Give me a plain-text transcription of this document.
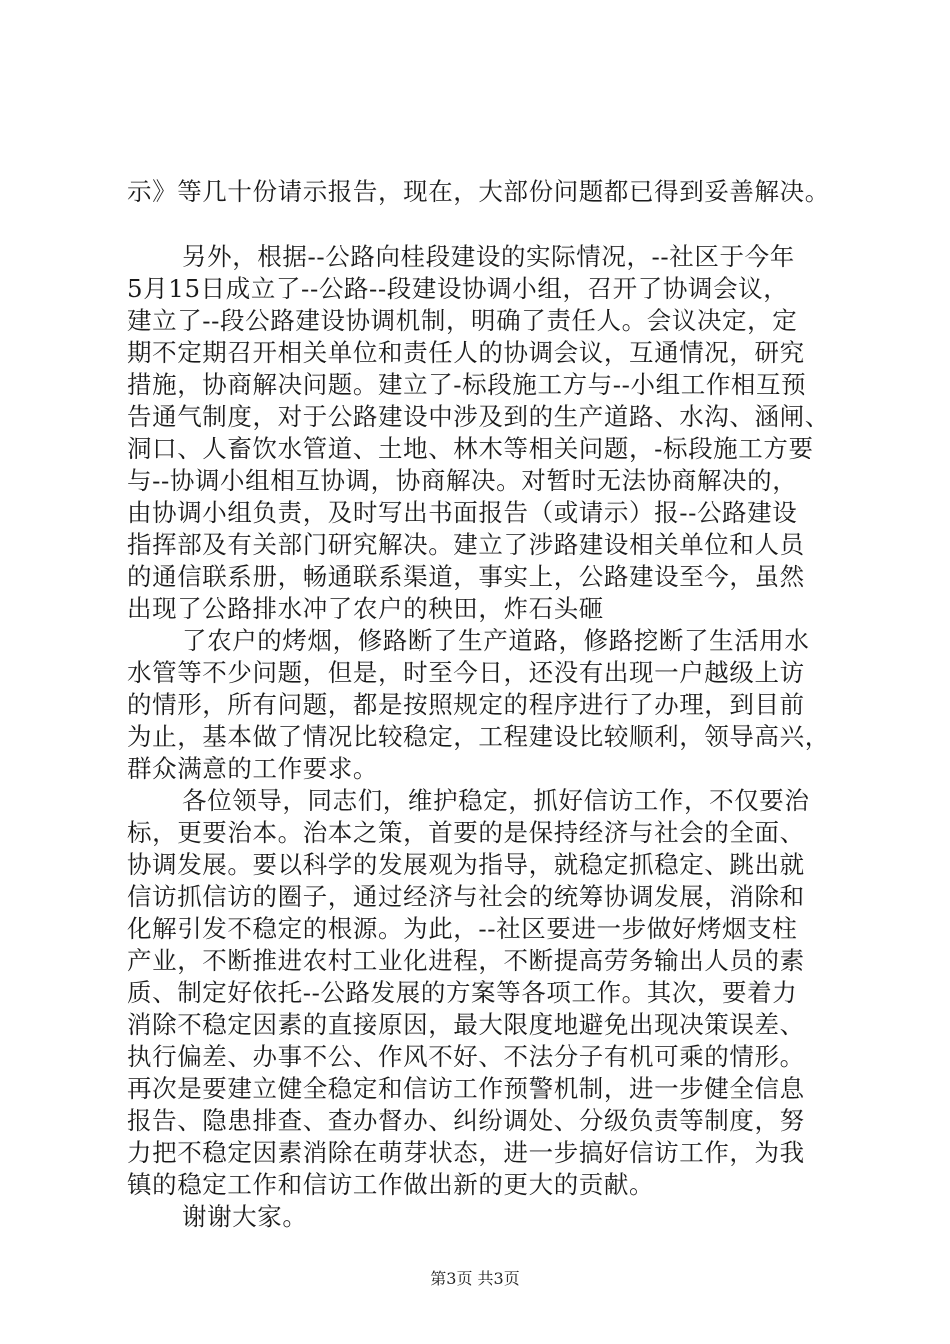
示》等几十份请示报告，现在，大部份问题都已得到妥善解决。
另外，根据--公路向桂段建设的实际情况，--社区于今年
5月15日成立了--公路--段建设协调小组，召开了协调会议，
建立了--段公路建设协调机制，明确了责任人。会议决定，定
期不定期召开相关单位和责任人的协调会议，互通情况，研究
措施，协商解决问题。建立了-标段施工方与--小组工作相互预
告通气制度，对于公路建设中涉及到的生产道路、水沟、涵闸、
洞口、人畜饮水管道、土地、林木等相关问题，-标段施工方要
与--协调小组相互协调，协商解决。对暂时无法协商解决的，
由协调小组负责，及时写出书面报告（或请示）报--公路建设
指挥部及有关部门研究解决。建立了涉路建设相关单位和人员
的通信联系册，畅通联系渠道，事实上，公路建设至今，虽然
出现了公路排水冲了农户的秧田，炸石头砸
了农户的烤烟，修路断了生产道路，修路挖断了生活用水
水管等不少问题，但是，时至今日，还没有出现一户越级上访
的情形，所有问题，都是按照规定的程序进行了办理，到目前
为止，基本做了情况比较稳定，工程建设比较顺利，领导高兴，
群众满意的工作要求。
各位领导，同志们，维护稳定，抓好信访工作，不仅要治
标，更要治本。治本之策，首要的是保持经济与社会的全面、
协调发展。要以科学的发展观为指导，就稳定抓稳定、跳出就
信访抓信访的圈子，通过经济与社会的统筹协调发展，消除和
化解引发不稳定的根源。为此，--社区要进一步做好烤烟支柱
产业，不断推进农村工业化进程，不断提高劳务输出人员的素
质、制定好依托--公路发展的方案等各项工作。其次，要着力
消除不稳定因素的直接原因，最大限度地避免出现决策误差、
执行偏差、办事不公、作风不好、不法分子有机可乘的情形。
再次是要建立健全稳定和信访工作预警机制，进一步健全信息
报告、隐患排查、查办督办、纠纷调处、分级负责等制度，努
力把不稳定因素消除在萌芽状态，进一步搞好信访工作，为我
镇的稳定工作和信访工作做出新的更大的贡献。
谢谢大家。
第3页 共3页
